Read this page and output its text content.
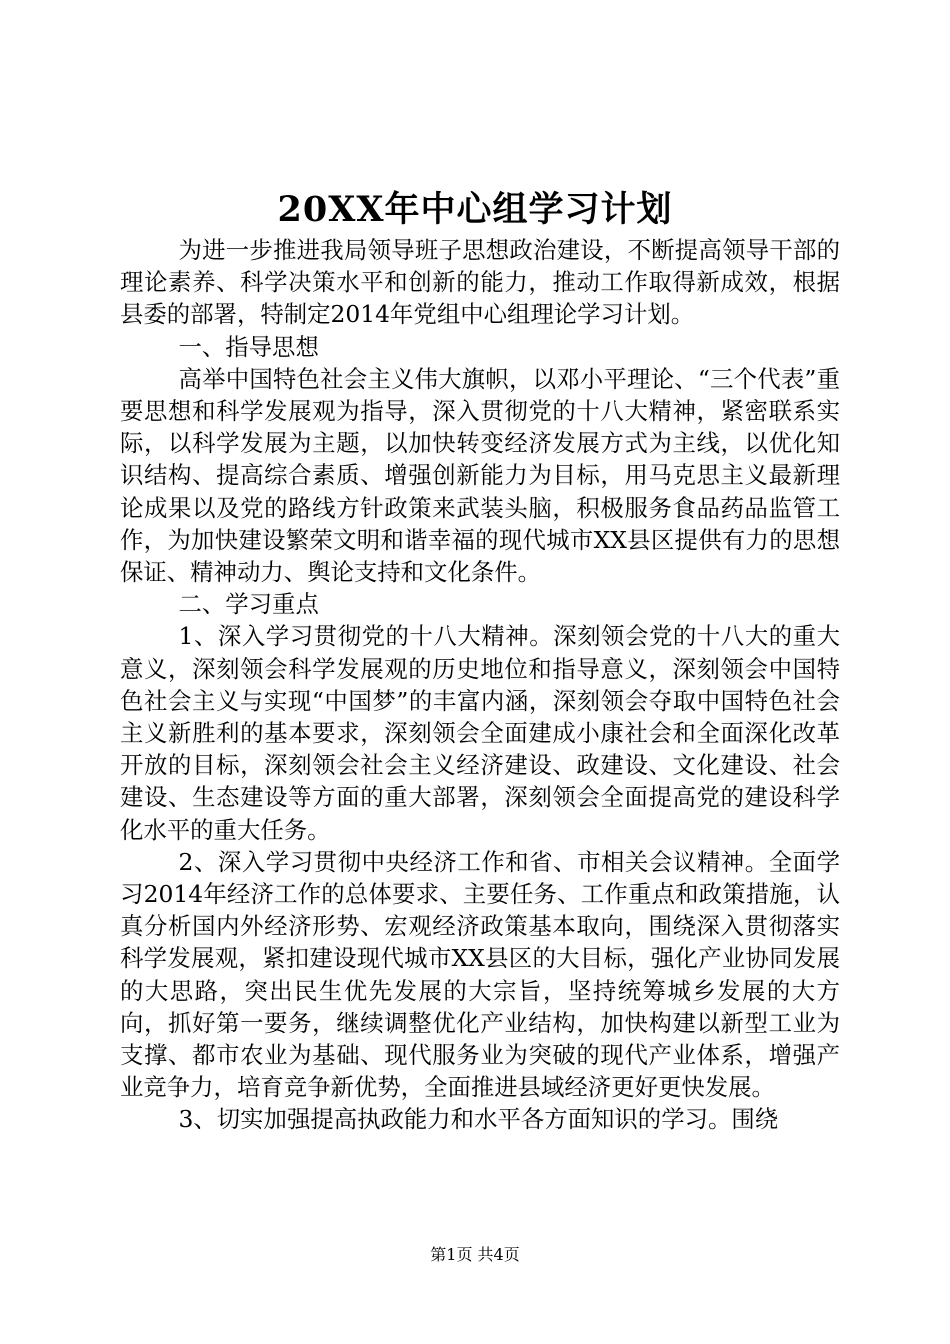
20XX年中心组学习计划

为进一步推进我局领导班子思想政治建设，不断提高领导干部的理论素养、科学决策水平和创新的能力，推动工作取得新成效，根据县委的部署，特制定2014年党组中心组理论学习计划。

一、指导思想

高举中国特色社会主义伟大旗帜，以邓小平理论、“三个代表”重要思想和科学发展观为指导，深入贯彻党的十八大精神，紧密联系实际，以科学发展为主题，以加快转变经济发展方式为主线，以优化知识结构、提高综合素质、增强创新能力为目标，用马克思主义最新理论成果以及党的路线方针政策来武装头脑，积极服务食品药品监管工作，为加快建设繁荣文明和谐幸福的现代城市XX县区提供有力的思想保证、精神动力、舆论支持和文化条件。

二、学习重点

1、深入学习贯彻党的十八大精神。深刻领会党的十八大的重大意义，深刻领会科学发展观的历史地位和指导意义，深刻领会中国特色社会主义与实现“中国梦”的丰富内涵，深刻领会夺取中国特色社会主义新胜利的基本要求，深刻领会全面建成小康社会和全面深化改革开放的目标，深刻领会社会主义经济建设、政建设、文化建设、社会建设、生态建设等方面的重大部署，深刻领会全面提高党的建设科学化水平的重大任务。

2、深入学习贯彻中央经济工作和省、市相关会议精神。全面学习2014年经济工作的总体要求、主要任务、工作重点和政策措施，认真分析国内外经济形势、宏观经济政策基本取向，围绕深入贯彻落实科学发展观，紧扣建设现代城市XX县区的大目标，强化产业协同发展的大思路，突出民生优先发展的大宗旨，坚持统筹城乡发展的大方向，抓好第一要务，继续调整优化产业结构，加快构建以新型工业为支撑、都市农业为基础、现代服务业为突破的现代产业体系，增强产业竞争力，培育竞争新优势，全面推进县域经济更好更快发展。

3、切实加强提高执政能力和水平各方面知识的学习。围绕

第1页 共4页
